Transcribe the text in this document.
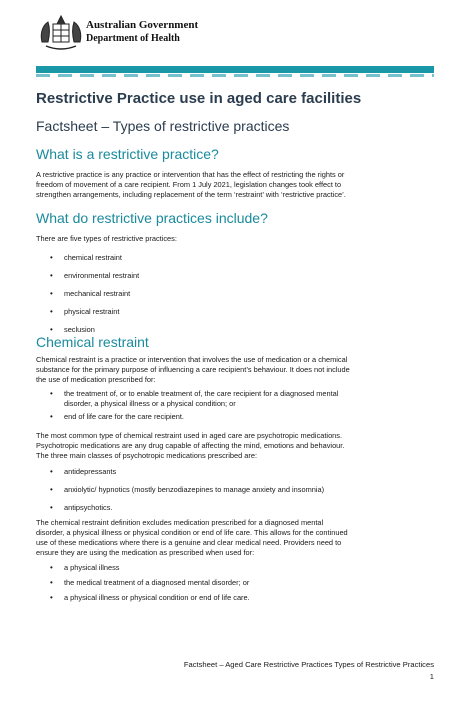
Australian Government
Department of Health
Restrictive Practice use in aged care facilities
Factsheet – Types of restrictive practices
What is a restrictive practice?

A restrictive practice is any practice or intervention that has the effect of restricting the rights or

freedom of movement of a care recipient. From 1 July 2021, legislation changes took effect to

strengthen arrangements, including replacement of the term ‘restraint’ with ‘restrictive practice’.

What do restrictive practices include?

There are five types of restrictive practices:

• chemical restraint
• environmental restraint
• mechanical restraint
• physical restraint
• seclusion
Chemical restraint

Chemical restraint is a practice or intervention that involves the use of medication or a chemical

substance for the primary purpose of influencing a care recipient’s behaviour. It does not include

the use of medication prescribed for:

• the treatment of, or to enable treatment of, the care recipient for a diagnosed mental
disorder, a physical illness or a physical condition; or
• end of life care for the care recipient.

The most common type of chemical restraint used in aged care are psychotropic medications.

Psychotropic medications are any drug capable of affecting the mind, emotions and behaviour.

The three main classes of psychotropic medications prescribed are:

• antidepressants
• anxiolytic/ hypnotics (mostly benzodiazepines to manage anxiety and insomnia)
• antipsychotics.

The chemical restraint definition excludes medication prescribed for a diagnosed mental

disorder, a physical illness or physical condition or end of life care. This allows for the continued

use of these medications where there is a genuine and clear medical need. Providers need to

ensure they are using the medication as prescribed when used for:

• a physical illness
• the medical treatment of a diagnosed mental disorder; or
• a physical illness or physical condition or end of life care.
Factsheet – Aged Care Restrictive Practices Types of Restrictive Practices
1
